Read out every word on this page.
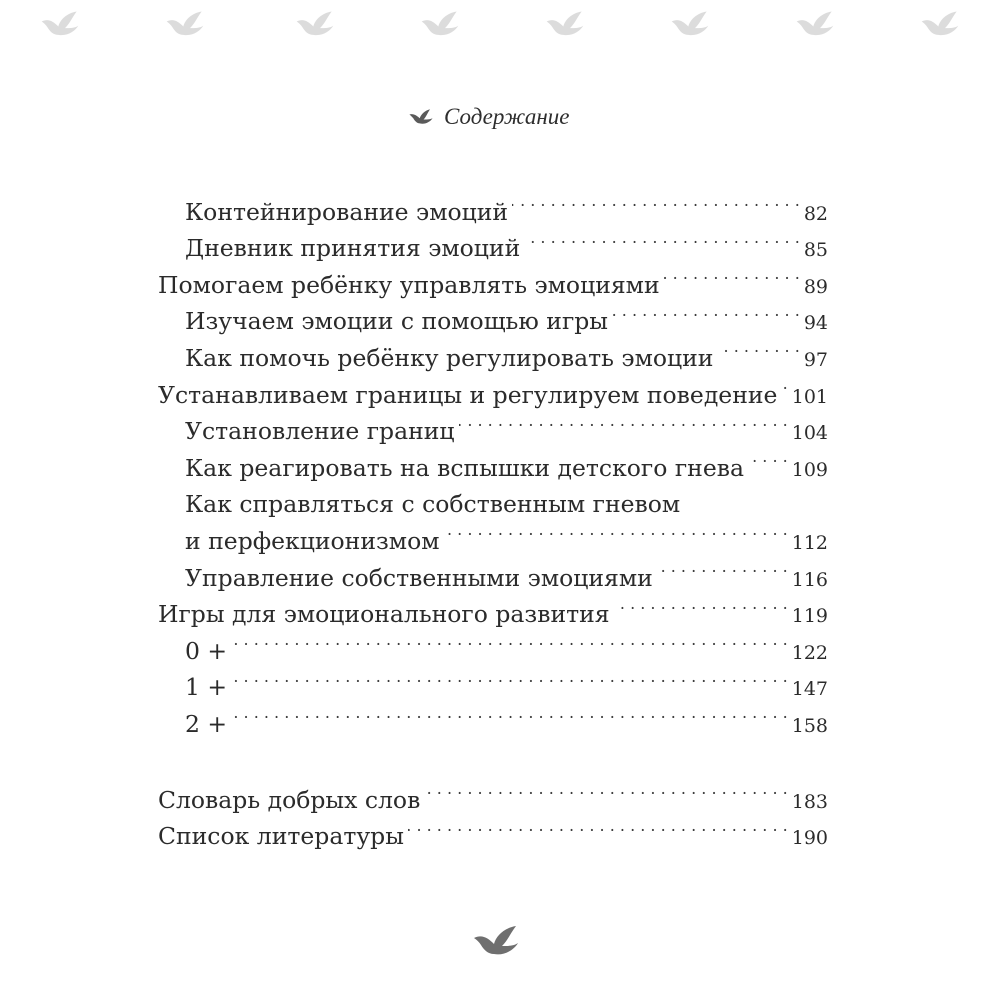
Содержание
Контейнирование эмоций . . .	82
Дневник принятия эмоций . . .	85
Помогаем ребёнку управлять эмоциями . . .	89
Изучаем эмоции с помощью игры . . .	94
Как помочь ребёнку регулировать эмоции . . .	97
Устанавливаем границы и регулируем поведение . . . 101
Установление границ . . .	104
Как реагировать на вспышки детского гнева . . .	109
Как справляться с собственным гневом
и перфекционизмом . . .	112
Управление собственными эмоциями . . .	116
Игры для эмоционального развития . . .	119
0 + . . .	122
1 + . . .	147
2 + . . .	158
Словарь добрых слов . . .	183
Список литературы . . .	190
